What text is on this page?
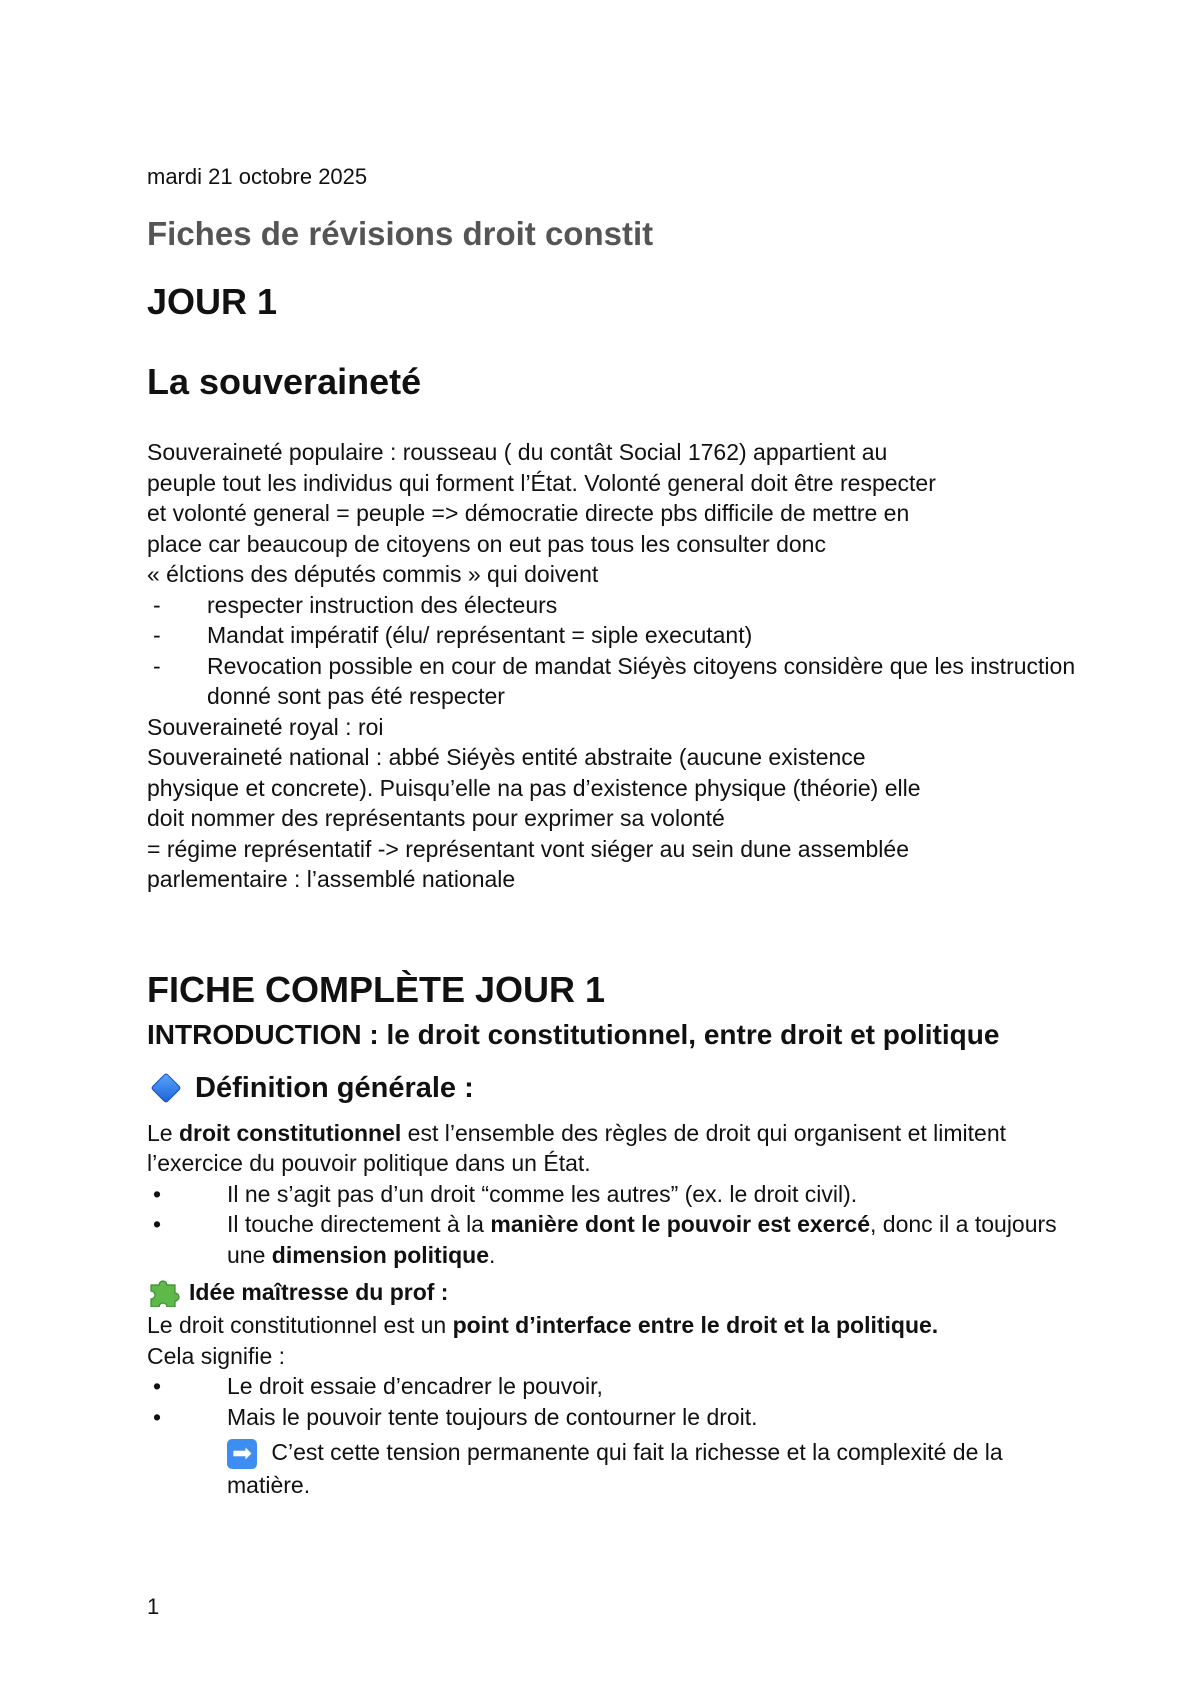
mardi 21 octobre 2025
Fiches de révisions droit constit
JOUR 1
La souveraineté
Souveraineté populaire : rousseau ( du contât Social 1762) appartient au
peuple tout les individus qui forment l’État. Volonté general doit être respecter
et volonté general = peuple => démocratie directe pbs difficile de mettre en
place car beaucoup de citoyens on eut pas tous les consulter donc
« élctions des députés commis » qui doivent
-	respecter instruction des électeurs
-	Mandat impératif (élu/ représentant = siple executant)
-	Revocation possible en cour de mandat Siéyès citoyens considère que les instruction donné sont pas été respecter
Souveraineté royal : roi
Souveraineté national : abbé Siéyès entité abstraite (aucune existence
physique et concrete). Puisqu’elle na pas d’existence physique (théorie) elle
doit nommer des représentants pour exprimer sa volonté
= régime représentatif -> représentant vont siéger au sein dune assemblée
parlementaire : l’assemblé nationale
FICHE COMPLÈTE JOUR 1
INTRODUCTION : le droit constitutionnel, entre droit et politique
Définition générale :
Le droit constitutionnel est l’ensemble des règles de droit qui organisent et limitent l’exercice du pouvoir politique dans un État.
•	Il ne s’agit pas d’un droit “comme les autres” (ex. le droit civil).
•	Il touche directement à la manière dont le pouvoir est exercé, donc il a toujours une dimension politique.
Idée maîtresse du prof :
Le droit constitutionnel est un point d’interface entre le droit et la politique.
Cela signifie :
•	Le droit essaie d’encadrer le pouvoir,
•	Mais le pouvoir tente toujours de contourner le droit.
➡ C’est cette tension permanente qui fait la richesse et la complexité de la matière.
1
